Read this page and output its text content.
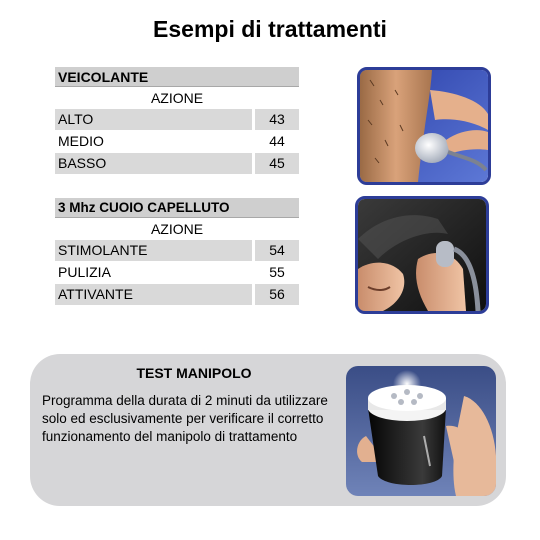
Esempi di trattamenti
VEICOLANTE
AZIONE
ALTO	43
MEDIO	44
BASSO	45
3 Mhz CUOIO CAPELLUTO
AZIONE
STIMOLANTE	54
PULIZIA	55
ATTIVANTE	56
TEST MANIPOLO
Programma della durata di 2 minuti da utilizzare
solo ed esclusivamente per verificare il corretto
funzionamento del manipolo di trattamento
